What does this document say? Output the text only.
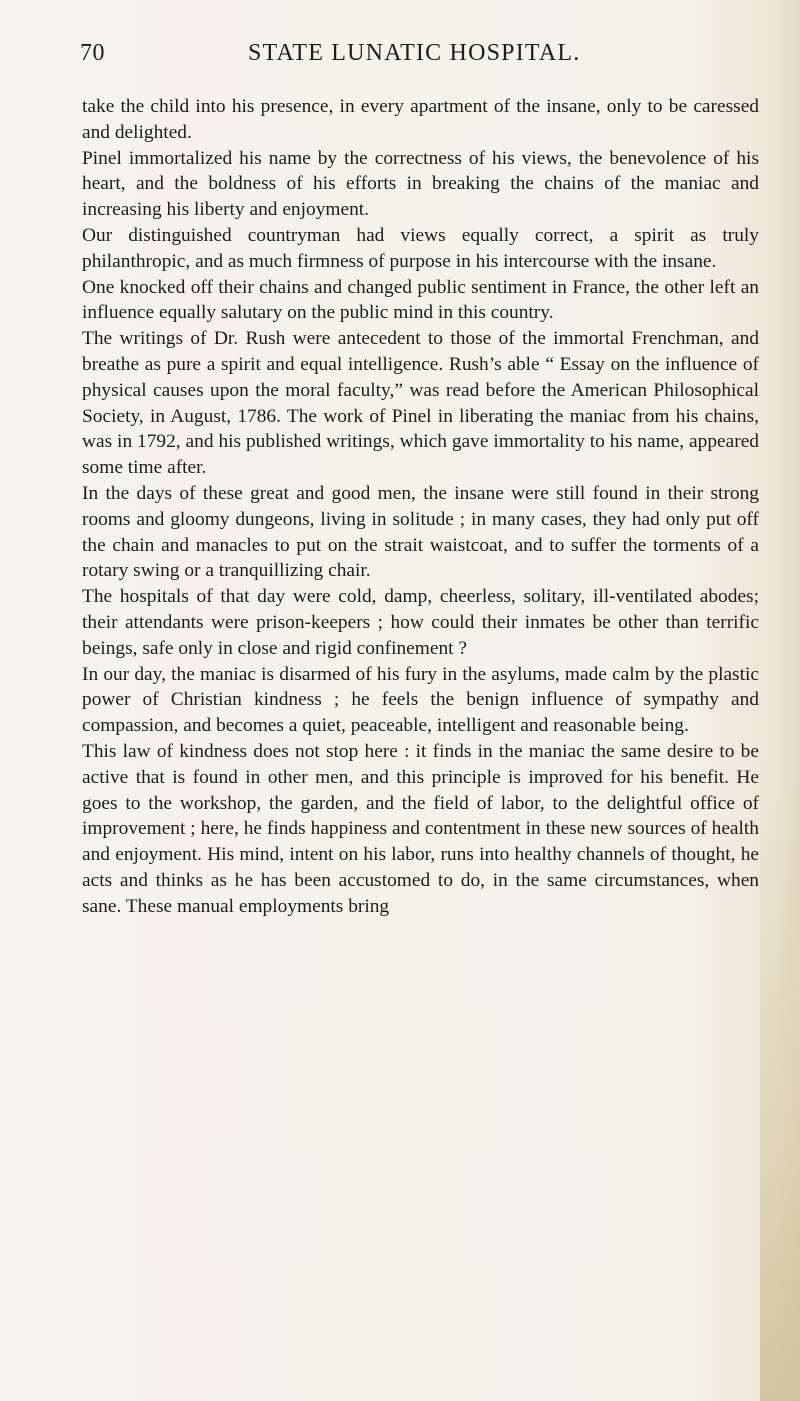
70	STATE LUNATIC HOSPITAL.

take the child into his presence, in every apartment of the insane, only to be caressed and delighted.

Pinel immortalized his name by the correctness of his views, the benevolence of his heart, and the boldness of his efforts in breaking the chains of the maniac and increasing his liberty and enjoyment.

Our distinguished countryman had views equally correct, a spirit as truly philanthropic, and as much firmness of purpose in his intercourse with the insane.

One knocked off their chains and changed public sentiment in France, the other left an influence equally salutary on the public mind in this country.

The writings of Dr. Rush were antecedent to those of the immortal Frenchman, and breathe as pure a spirit and equal intelligence. Rush’s able “ Essay on the influence of physical causes upon the moral faculty,” was read before the American Philosophical Society, in August, 1786. The work of Pinel in liberating the maniac from his chains, was in 1792, and his published writings, which gave immortality to his name, appeared some time after.

In the days of these great and good men, the insane were still found in their strong rooms and gloomy dungeons, living in solitude ; in many cases, they had only put off the chain and manacles to put on the strait waistcoat, and to suffer the torments of a rotary swing or a tranquillizing chair.

The hospitals of that day were cold, damp, cheerless, solitary, ill-ventilated abodes; their attendants were prison-keepers ; how could their inmates be other than terrific beings, safe only in close and rigid confinement ?

In our day, the maniac is disarmed of his fury in the asylums, made calm by the plastic power of Christian kindness ; he feels the benign influence of sympathy and compassion, and becomes a quiet, peaceable, intelligent and reasonable being.

This law of kindness does not stop here : it finds in the maniac the same desire to be active that is found in other men, and this principle is improved for his benefit. He goes to the workshop, the garden, and the field of labor, to the delightful office of improvement ; here, he finds happiness and contentment in these new sources of health and enjoyment. His mind, intent on his labor, runs into healthy channels of thought, he acts and thinks as he has been accustomed to do, in the same circumstances, when sane. These manual employments bring
